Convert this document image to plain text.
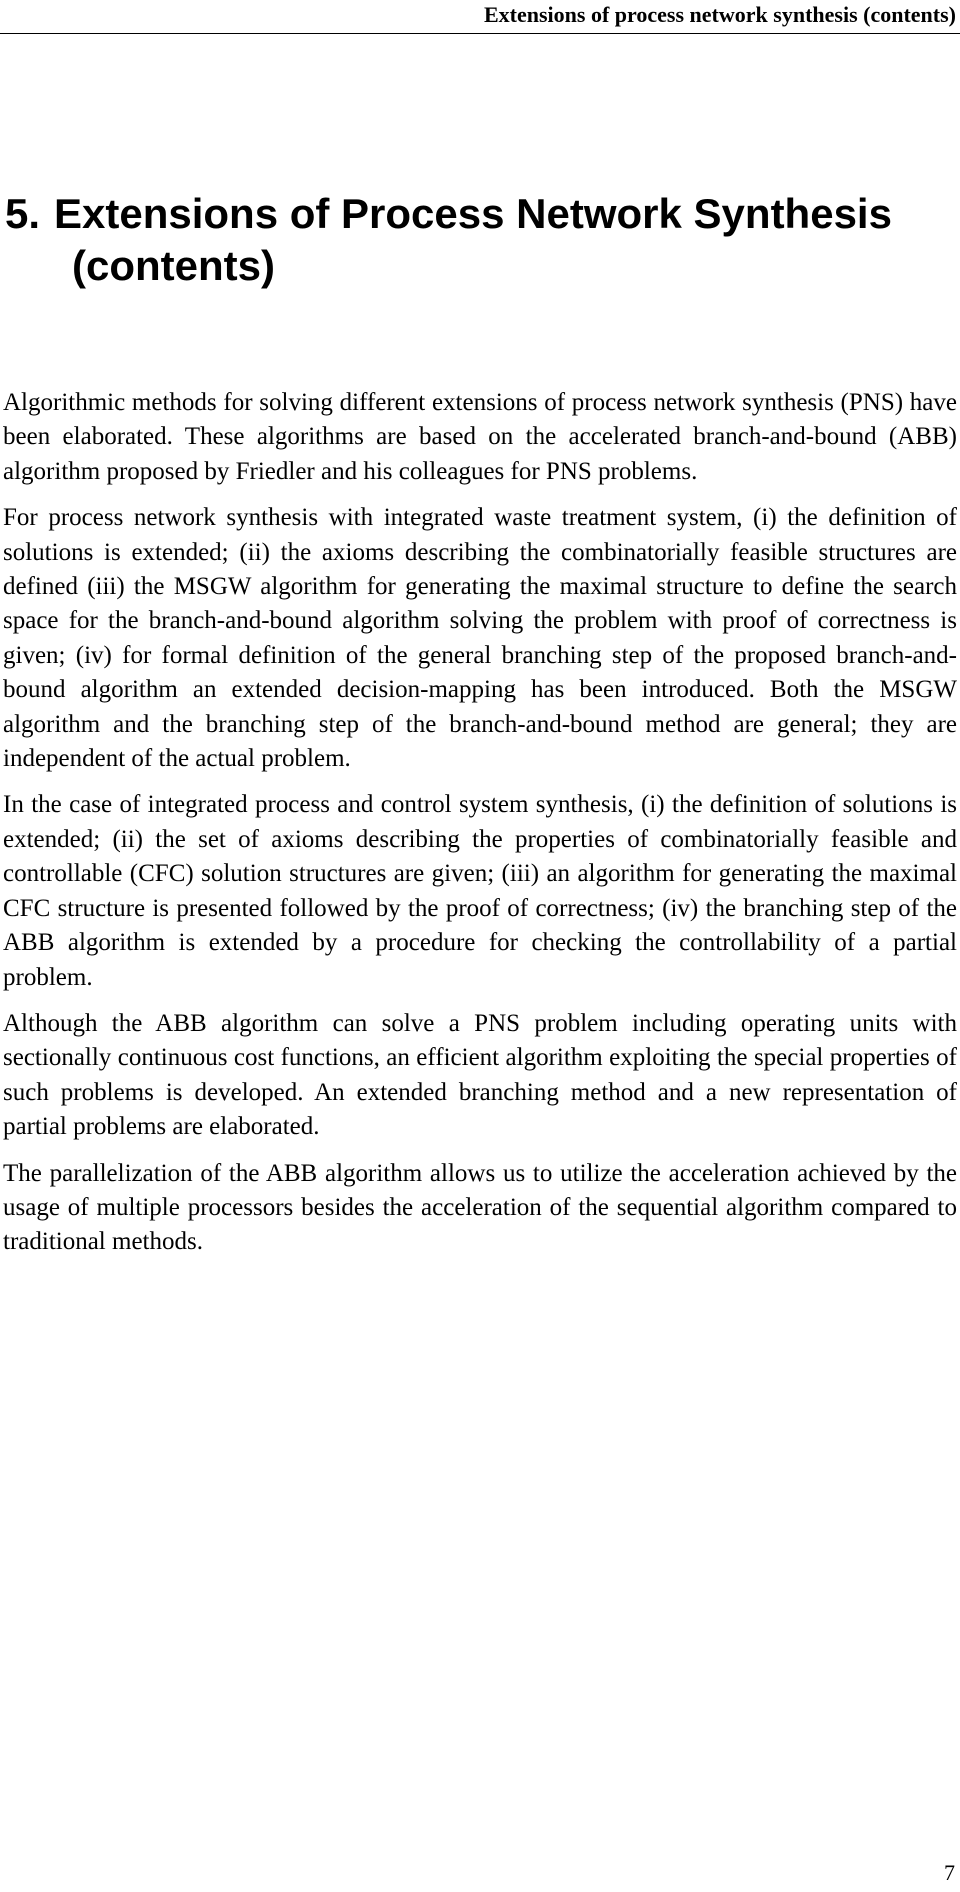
Extensions of process network synthesis (contents)
5. Extensions of Process Network Synthesis
(contents)

Algorithmic methods for solving different extensions of process network synthesis (PNS) have been elaborated. These algorithms are based on the accelerated branch-and-bound (ABB) algorithm proposed by Friedler and his colleagues for PNS problems.

For process network synthesis with integrated waste treatment system, (i) the definition of solutions is extended; (ii) the axioms describing the combinatorially feasible structures are defined (iii) the MSGW algorithm for generating the maximal structure to define the search space for the branch-and-bound algorithm solving the problem with proof of correctness is given; (iv) for formal definition of the general branching step of the proposed branch-and-bound algorithm an extended decision-mapping has been introduced. Both the MSGW algorithm and the branching step of the branch-and-bound method are general; they are independent of the actual problem.

In the case of integrated process and control system synthesis, (i) the definition of solutions is extended; (ii) the set of axioms describing the properties of combinatorially feasible and controllable (CFC) solution structures are given; (iii) an algorithm for generating the maximal CFC structure is presented followed by the proof of correctness; (iv) the branching step of the ABB algorithm is extended by a procedure for checking the controllability of a partial problem.

Although the ABB algorithm can solve a PNS problem including operating units with sectionally continuous cost functions, an efficient algorithm exploiting the special properties of such problems is developed. An extended branching method and a new representation of partial problems are elaborated.

The parallelization of the ABB algorithm allows us to utilize the acceleration achieved by the usage of multiple processors besides the acceleration of the sequential algorithm compared to traditional methods.

7
